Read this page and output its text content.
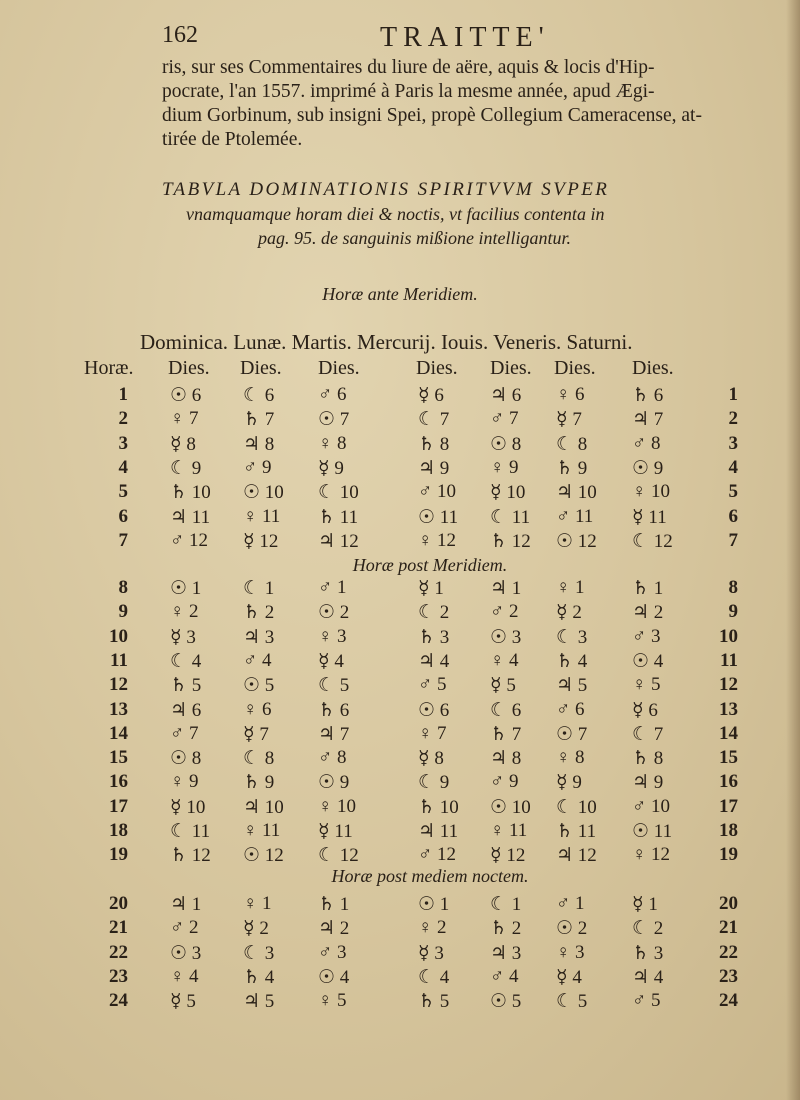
162	TRAITTE'
ris, sur ses Commentaires du liure de aëre, aquis & locis d'Hip-
pocrate, l'an 1557. imprimé à Paris la mesme année, apud Ægi-
dium Gorbinum, sub insigni Spei, propè Collegium Cameracense, at-
tirée de Ptolemée.
TABVLA DOMINATIONIS SPIRITVVM SVPER
vnamquamque horam diei & noctis, vt facilius contenta in
pag. 95. de sanguinis mißione intelligantur.
Horæ ante Meridiem.
Dominica. Lunæ. Martis. Mercurij. Iouis. Veneris. Saturni.
Horæ. Dies. Dies. Dies.	Dies. Dies. Dies. Dies.
1 ☉ 6 ☾ 6 ♂ 6	☿ 6 ♃ 6 ♀ 6	♄ 6	1
2 ♀ 7 ♄ 7 ☉ 7	☾ 7 ♂ 7 ☿ 7	♃ 7	2
3 ☿ 8 ♃ 8 ♀ 8	♄ 8 ☉ 8 ☾ 8 ♂ 8	3
4 ☾ 9 ♂ 9 ☿ 9	♃ 9 ♀ 9 ♄ 9 ☉ 9	4
5 ♄ 10 ☉ 10 ☾ 10	♂ 10 ☿ 10 ♃ 10 ♀ 10	5
6 ♃ 11 ♀ 11 ♄ 11	☉ 11 ☾ 11 ♂ 11 ☿ 11	6
7 ♂ 12 ☿ 12 ♃ 12	♀ 12 ♄ 12 ☉ 12 ☾ 12	7
Horæ post Meridiem.
8 ☉ 1 ☾ 1 ♂ 1	☿ 1 ♃ 1 ♀ 1	♄ 1	8
9 ♀ 2 ♄ 2 ☉ 2	☾ 2 ♂ 2 ☿ 2	♃ 2	9
10 ☿ 3 ♃ 3 ♀ 3	♄ 3 ☉ 3 ☾ 3 ♂ 3	10
11 ☾ 4 ♂ 4 ☿ 4	♃ 4 ♀ 4 ♄ 4 ☉ 4	11
12 ♄ 5 ☉ 5 ☾ 5	♂ 5 ☿ 5 ♃ 5 ♀ 5	12
13 ♃ 6 ♀ 6 ♄ 6	☉ 6 ☾ 6 ♂ 6	☿ 6	13
14 ♂ 7 ☿ 7	♃ 7	♀ 7 ♄ 7 ☉ 7 ☾ 7	14
15 ☉ 8 ☾ 8 ♂ 8	☿ 8 ♃ 8 ♀ 8	♄ 8	15
16 ♀ 9 ♄ 9 ☉ 9	☾ 9 ♂ 9 ☿ 9	♃ 9	16
17 ☿ 10 ♃ 10 ♀ 10	♄ 10 ☉ 10 ☾ 10 ♂ 10	17
18 ☾ 11 ♀ 11 ☿ 11	♃ 11 ♀ 11 ♄ 11 ☉ 11	18
19 ♄ 12 ☉ 12 ☾ 12	♂ 12 ☿ 12 ♃ 12 ♀ 12	19
Horæ post mediem noctem.
20 ♃ 1 ♀ 1 ♄ 1	☉ 1 ☾ 1 ♂ 1	☿ 1	20
21 ♂ 2 ☿ 2	♃ 2	♀ 2 ♄ 2 ☉ 2 ☾ 2	21
22 ☉ 3 ☾ 3 ♂ 3	☿ 3 ♃ 3 ♀ 3	♄ 3	22
23 ♀ 4 ♄ 4 ☉ 4	☾ 4 ♂ 4 ☿ 4	♃ 4	23
24 ☿ 5 ♃ 5 ♀ 5	♄ 5 ☉ 5 ☾ 5 ♂ 5	24
